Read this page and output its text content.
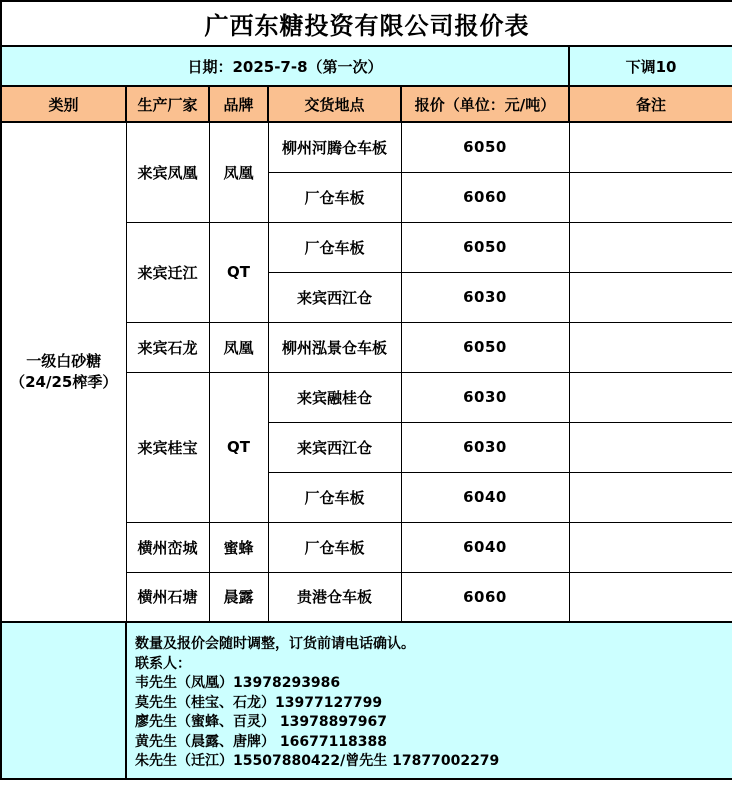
广西东糖投资有限公司报价表					
日期：2025-7-8（第一次）					下调10
类别	生产厂家	品牌	交货地点	报价（单位：元/吨）	备注

一级白砂糖
（24/25榨季）	来宾凤凰	凤凰	柳州河腾仓车板	6050	
			厂仓车板	6060	
	来宾迁江	QT	厂仓车板	6050	
			来宾西江仓	6030	
	来宾石龙	凤凰	柳州泓景仓车板	6050	
	来宾桂宝	QT	来宾融桂仓	6030	
			来宾西江仓	6030	
			厂仓车板	6040	
	横州峦城	蜜蜂	厂仓车板	6040	
	横州石塘	晨露	贵港仓车板	6060	

数量及报价会随时调整，订货前请电话确认。
联系人：
韦先生（凤凰）13978293986
莫先生（桂宝、石龙）13977127799
廖先生（蜜蜂、百灵） 13978897967
黄先生（晨露、唐牌） 16677118388
朱先生（迁江）15507880422/曾先生 17877002279
